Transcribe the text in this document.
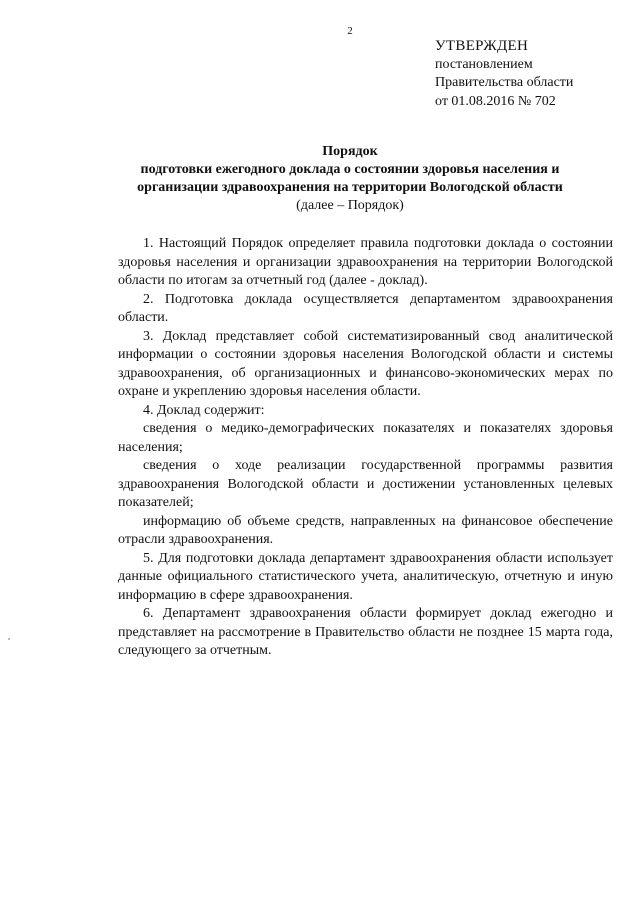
2
УТВЕРЖДЕН
постановлением
Правительства области
от 01.08.2016 № 702
Порядок
подготовки ежегодного доклада о состоянии здоровья населения и
организации здравоохранения на территории Вологодской области
(далее – Порядок)

1. Настоящий Порядок определяет правила подготовки доклада о состоянии здоровья населения и организации здравоохранения на территории Вологодской области по итогам за отчетный год (далее - доклад).

2. Подготовка доклада осуществляется департаментом здравоохранения области.

3. Доклад представляет собой систематизированный свод аналитической информации о состоянии здоровья населения Вологодской области и системы здравоохранения, об организационных и финансово-экономических мерах по охране и укреплению здоровья населения области.

4. Доклад содержит:

сведения о медико-демографических показателях и показателях здоровья населения;

сведения о ходе реализации государственной программы развития здравоохранения Вологодской области и достижении установленных целевых показателей;

информацию об объеме средств, направленных на финансовое обеспечение отрасли здравоохранения.

5. Для подготовки доклада департамент здравоохранения области использует данные официального статистического учета, аналитическую, отчетную и иную информацию в сфере здравоохранения.

6. Департамент здравоохранения области формирует доклад ежегодно и представляет на рассмотрение в Правительство области не позднее 15 марта года, следующего за отчетным.
